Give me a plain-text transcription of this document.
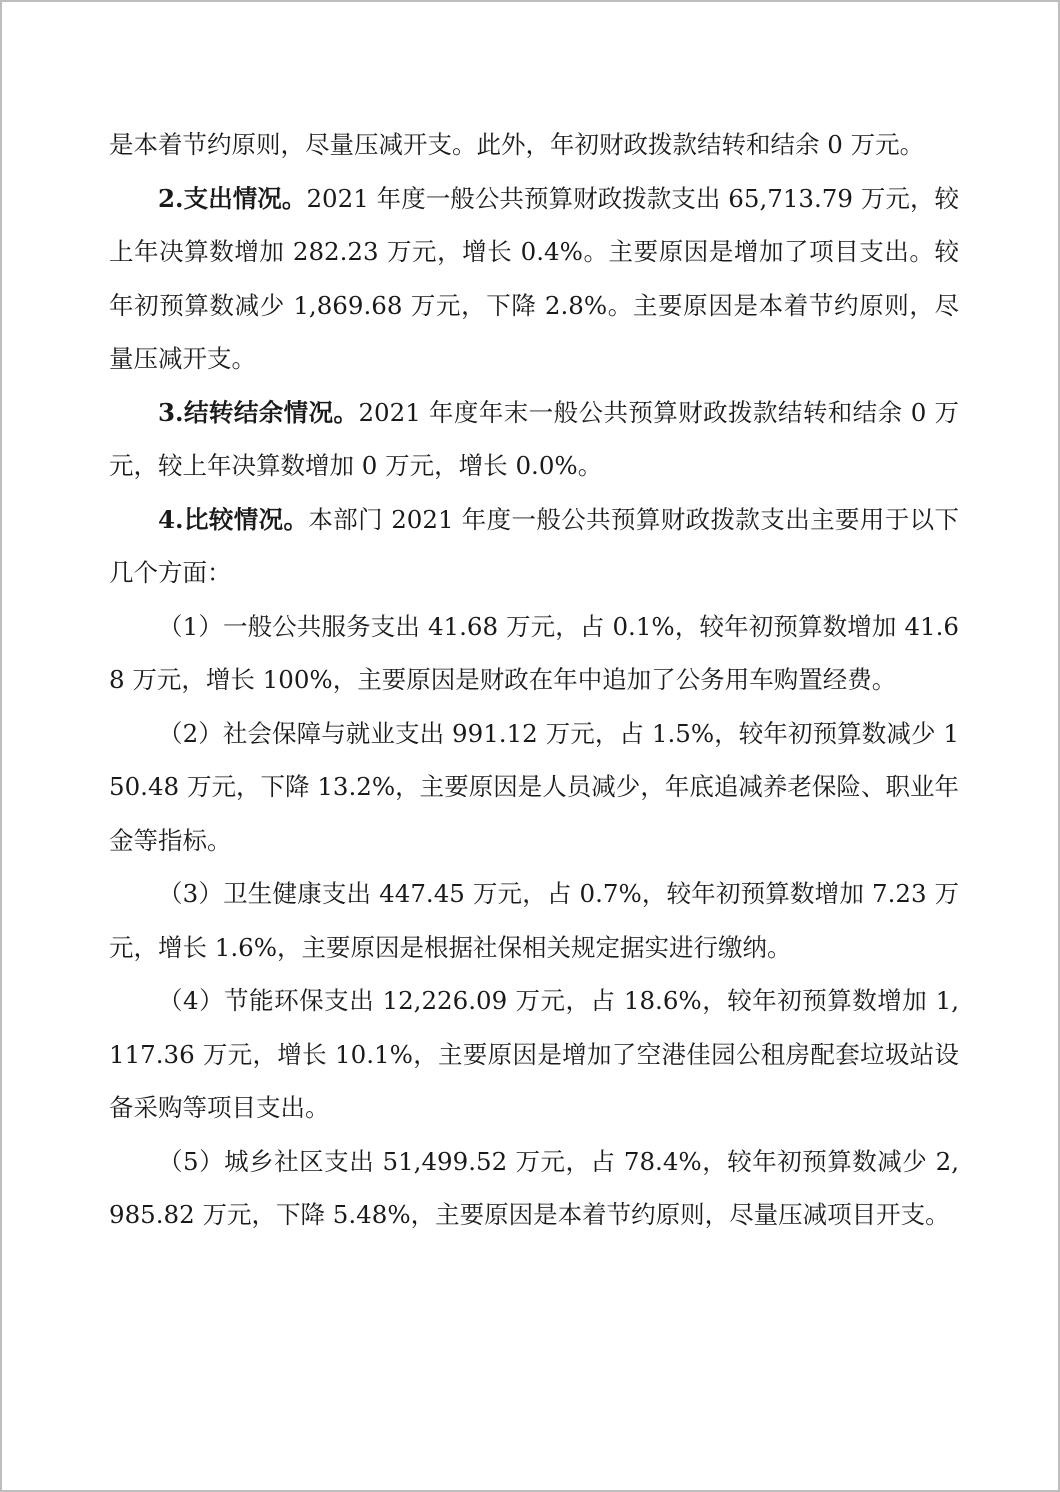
是本着节约原则，尽量压减开支。此外，年初财政拨款结转和结余 0 万元。

2.支出情况。2021 年度一般公共预算财政拨款支出 65,713.79 万元，较上年决算数增加 282.23 万元，增长 0.4%。主要原因是增加了项目支出。较年初预算数减少 1,869.68 万元，下降 2.8%。主要原因是本着节约原则，尽量压减开支。

3.结转结余情况。2021 年度年末一般公共预算财政拨款结转和结余 0 万元，较上年决算数增加 0 万元，增长 0.0%。

4.比较情况。本部门 2021 年度一般公共预算财政拨款支出主要用于以下几个方面：

（1）一般公共服务支出 41.68 万元，占 0.1%，较年初预算数增加 41.68 万元，增长 100%，主要原因是财政在年中追加了公务用车购置经费。

（2）社会保障与就业支出 991.12 万元，占 1.5%，较年初预算数减少 150.48 万元，下降 13.2%，主要原因是人员减少，年底追减养老保险、职业年金等指标。

（3）卫生健康支出 447.45 万元，占 0.7%，较年初预算数增加 7.23 万元，增长 1.6%，主要原因是根据社保相关规定据实进行缴纳。

（4）节能环保支出 12,226.09 万元，占 18.6%，较年初预算数增加 1,117.36 万元，增长 10.1%，主要原因是增加了空港佳园公租房配套垃圾站设备采购等项目支出。

（5）城乡社区支出 51,499.52 万元，占 78.4%，较年初预算数减少 2,985.82 万元，下降 5.48%，主要原因是本着节约原则，尽量压减项目开支。
